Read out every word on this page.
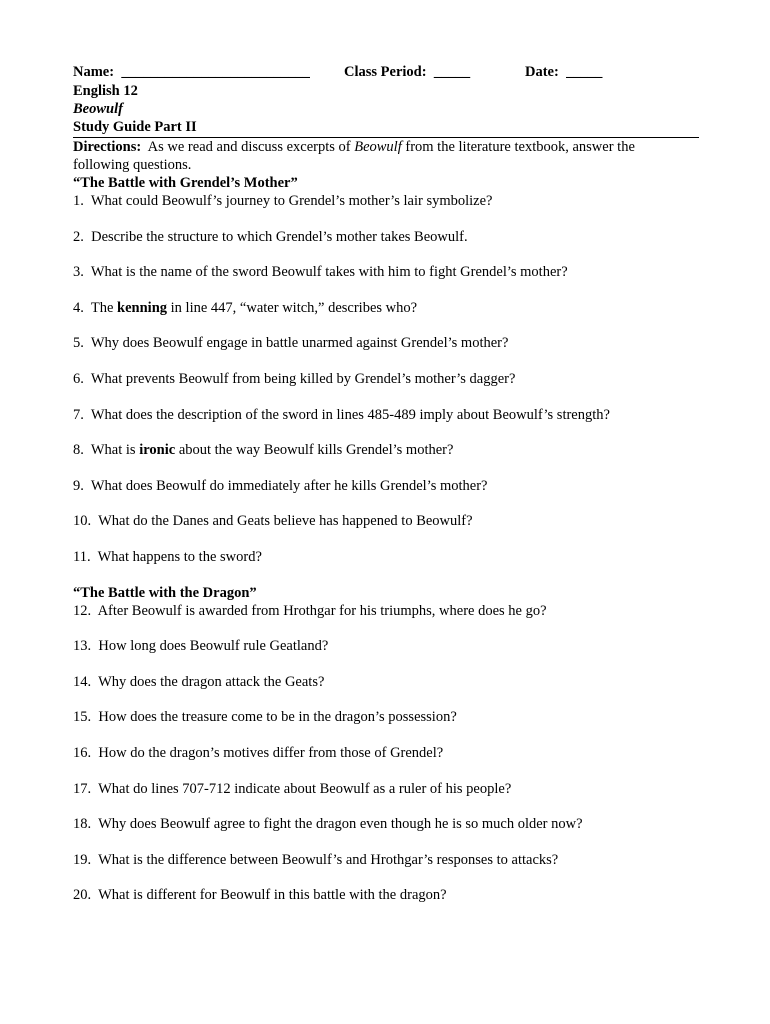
Name: __________________________ Class Period: _____	Date: _____
English 12
Beowulf
Study Guide Part II
Directions: As we read and discuss excerpts of Beowulf from the literature textbook, answer the following questions.
“The Battle with Grendel’s Mother”
1. What could Beowulf’s journey to Grendel’s mother’s lair symbolize?
2. Describe the structure to which Grendel’s mother takes Beowulf.
3. What is the name of the sword Beowulf takes with him to fight Grendel’s mother?
4. The kenning in line 447, “water witch,” describes who?
5. Why does Beowulf engage in battle unarmed against Grendel’s mother?
6. What prevents Beowulf from being killed by Grendel’s mother’s dagger?
7. What does the description of the sword in lines 485-489 imply about Beowulf’s strength?
8. What is ironic about the way Beowulf kills Grendel’s mother?
9. What does Beowulf do immediately after he kills Grendel’s mother?
10. What do the Danes and Geats believe has happened to Beowulf?
11. What happens to the sword?
“The Battle with the Dragon”
12. After Beowulf is awarded from Hrothgar for his triumphs, where does he go?
13. How long does Beowulf rule Geatland?
14. Why does the dragon attack the Geats?
15. How does the treasure come to be in the dragon’s possession?
16. How do the dragon’s motives differ from those of Grendel?
17. What do lines 707-712 indicate about Beowulf as a ruler of his people?
18. Why does Beowulf agree to fight the dragon even though he is so much older now?
19. What is the difference between Beowulf’s and Hrothgar’s responses to attacks?
20. What is different for Beowulf in this battle with the dragon?
